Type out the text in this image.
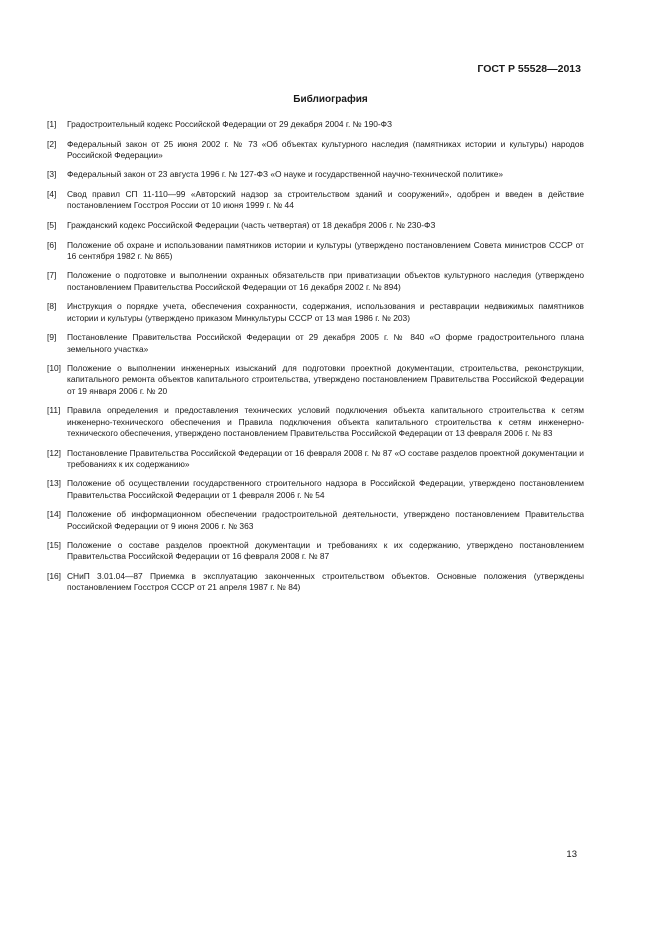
ГОСТ Р 55528—2013
Библиография
[1]	Градостроительный кодекс Российской Федерации от 29 декабря 2004 г. № 190-ФЗ
[2]	Федеральный закон от 25 июня 2002 г. № 73 «Об объектах культурного наследия (памятниках истории и культуры) народов Российской Федерации»
[3]	Федеральный закон от 23 августа 1996 г. № 127-ФЗ «О науке и государственной научно-технической политике»
[4]	Свод правил СП 11-110—99 «Авторский надзор за строительством зданий и сооружений», одобрен и введен в действие постановлением Госстроя России от 10 июня 1999 г. № 44
[5]	Гражданский кодекс Российской Федерации (часть четвертая) от 18 декабря 2006 г. № 230-ФЗ
[6]	Положение об охране и использовании памятников истории и культуры (утверждено постановлением Совета министров СССР от 16 сентября 1982 г. № 865)
[7]	Положение о подготовке и выполнении охранных обязательств при приватизации объектов культурного наследия (утверждено постановлением Правительства Российской Федерации от 16 декабря 2002 г. № 894)
[8]	Инструкция о порядке учета, обеспечения сохранности, содержания, использования и реставрации недвижимых памятников истории и культуры (утверждено приказом Минкультуры СССР от 13 мая 1986 г. № 203)
[9]	Постановление Правительства Российской Федерации от 29 декабря 2005 г. № 840 «О форме градостроительного плана земельного участка»
[10] Положение о выполнении инженерных изысканий для подготовки проектной документации, строительства, реконструкции, капитального ремонта объектов капитального строительства, утверждено постановлением Правительства Российской Федерации от 19 января 2006 г. № 20
[11] Правила определения и предоставления технических условий подключения объекта капитального строительства к сетям инженерно-технического обеспечения и Правила подключения объекта капитального строительства к сетям инженерно-технического обеспечения, утверждено постановлением Правительства Российской Федерации от 13 февраля 2006 г. № 83
[12] Постановление Правительства Российской Федерации от 16 февраля 2008 г. № 87 «О составе разделов проектной документации и требованиях к их содержанию»
[13] Положение об осуществлении государственного строительного надзора в Российской Федерации, утверждено постановлением Правительства Российской Федерации от 1 февраля 2006 г. № 54
[14] Положение об информационном обеспечении градостроительной деятельности, утверждено постановлением Правительства Российской Федерации от 9 июня 2006 г. № 363
[15] Положение о составе разделов проектной документации и требованиях к их содержанию, утверждено постановлением Правительства Российской Федерации от 16 февраля 2008 г. № 87
[16] СНиП 3.01.04—87 Приемка в эксплуатацию законченных строительством объектов. Основные положения (утверждены постановлением Госстроя СССР от 21 апреля 1987 г. № 84)
13
